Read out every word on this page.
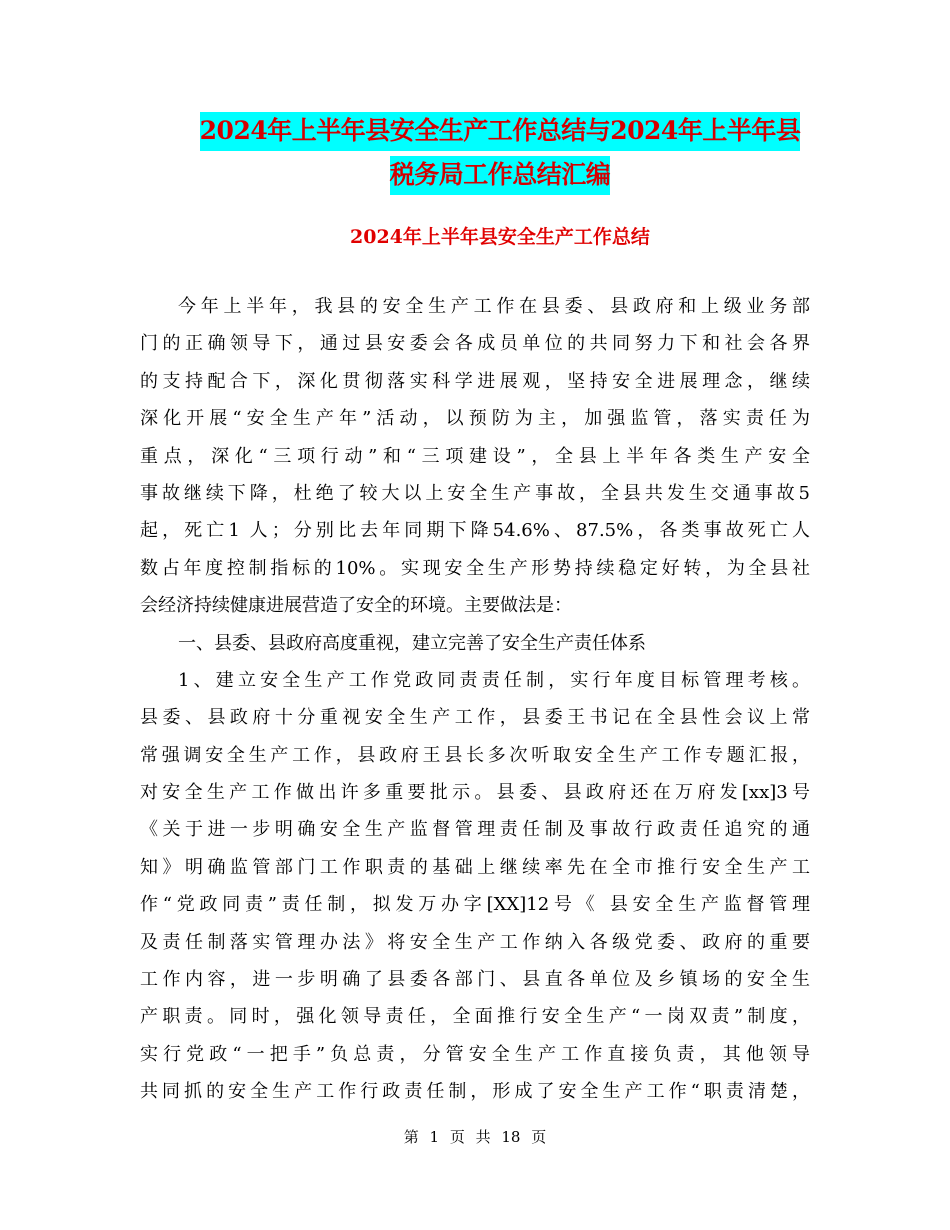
2024年上半年县安全生产工作总结与2024年上半年县
税务局工作总结汇编
2024年上半年县安全生产工作总结
今年上半年，我县的安全生产工作在县委、县政府和上级业务部
门的正确领导下，通过县安委会各成员单位的共同努力下和社会各界
的支持配合下，深化贯彻落实科学进展观，坚持安全进展理念，继续
深化开展“安全生产年”活动，以预防为主，加强监管，落实责任为
重点，深化“三项行动”和“三项建设”，全县上半年各类生产安全
事故继续下降，杜绝了较大以上安全生产事故，全县共发生交通事故5
起，死亡1 人；分别比去年同期下降54.6%、87.5%，各类事故死亡人
数占年度控制指标的10%。实现安全生产形势持续稳定好转，为全县社
会经济持续健康进展营造了安全的环境。主要做法是：
一、县委、县政府高度重视，建立完善了安全生产责任体系
1、建立安全生产工作党政同责责任制，实行年度目标管理考核。
县委、县政府十分重视安全生产工作，县委王书记在全县性会议上常
常强调安全生产工作，县政府王县长多次听取安全生产工作专题汇报，
对安全生产工作做出许多重要批示。县委、县政府还在万府发[xx]3号
《关于进一步明确安全生产监督管理责任制及事故行政责任追究的通
知》明确监管部门工作职责的基础上继续率先在全市推行安全生产工
作“党政同责”责任制，拟发万办字[XX]12号《 县安全生产监督管理
及责任制落实管理办法》将安全生产工作纳入各级党委、政府的重要
工作内容，进一步明确了县委各部门、县直各单位及乡镇场的安全生
产职责。同时，强化领导责任，全面推行安全生产“一岗双责”制度，
实行党政“一把手”负总责，分管安全生产工作直接负责，其他领导
共同抓的安全生产工作行政责任制，形成了安全生产工作“职责清楚，
第 1 页 共 18 页
